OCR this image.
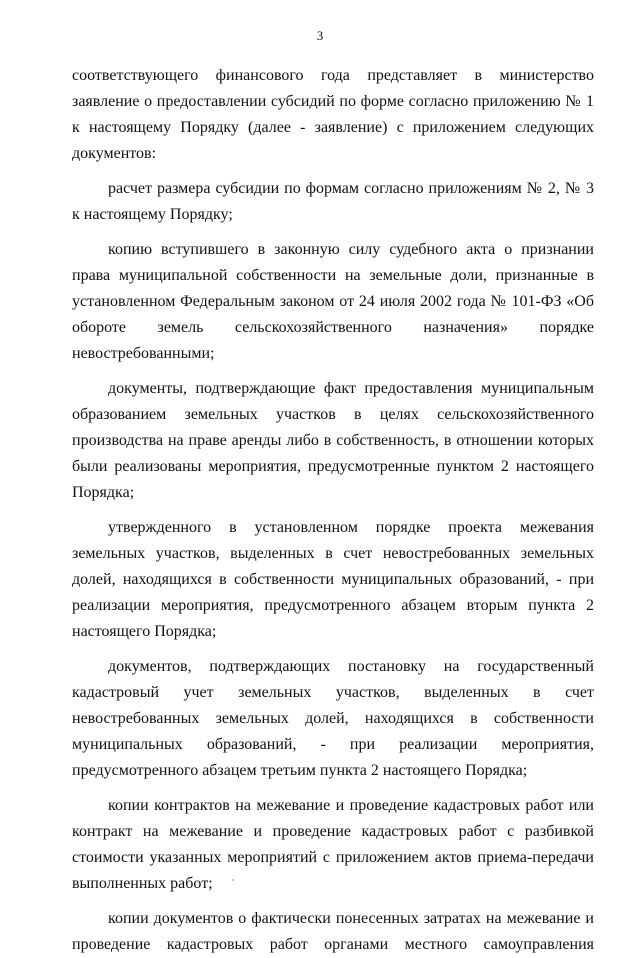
3

соответствующего финансового года представляет в министерство заявление о предоставлении субсидий по форме согласно приложению № 1 к настоящему Порядку (далее - заявление) с приложением следующих документов:

расчет размера субсидии по формам согласно приложениям № 2, № 3 к настоящему Порядку;

копию вступившего в законную силу судебного акта о признании права муниципальной собственности на земельные доли, признанные в установленном Федеральным законом от 24 июля 2002 года № 101-ФЗ «Об обороте земель сельскохозяйственного назначения» порядке невостребованными;

документы, подтверждающие факт предоставления муниципальным образованием земельных участков в целях сельскохозяйственного производства на праве аренды либо в собственность, в отношении которых были реализованы мероприятия, предусмотренные пунктом 2 настоящего Порядка;

утвержденного в установленном порядке проекта межевания земельных участков, выделенных в счет невостребованных земельных долей, находящихся в собственности муниципальных образований, - при реализации мероприятия, предусмотренного абзацем вторым пункта 2 настоящего Порядка;

документов, подтверждающих постановку на государственный кадастровый учет земельных участков, выделенных в счет невостребованных земельных долей, находящихся в собственности муниципальных образований, - при реализации мероприятия, предусмотренного абзацем третьим пункта 2 настоящего Порядка;

копии контрактов на межевание и проведение кадастровых работ или контракт на межевание и проведение кадастровых работ с разбивкой стоимости указанных мероприятий с приложением актов приема-передачи выполненных работ;

копии документов о фактически понесенных затратах на межевание и проведение кадастровых работ органами местного самоуправления
